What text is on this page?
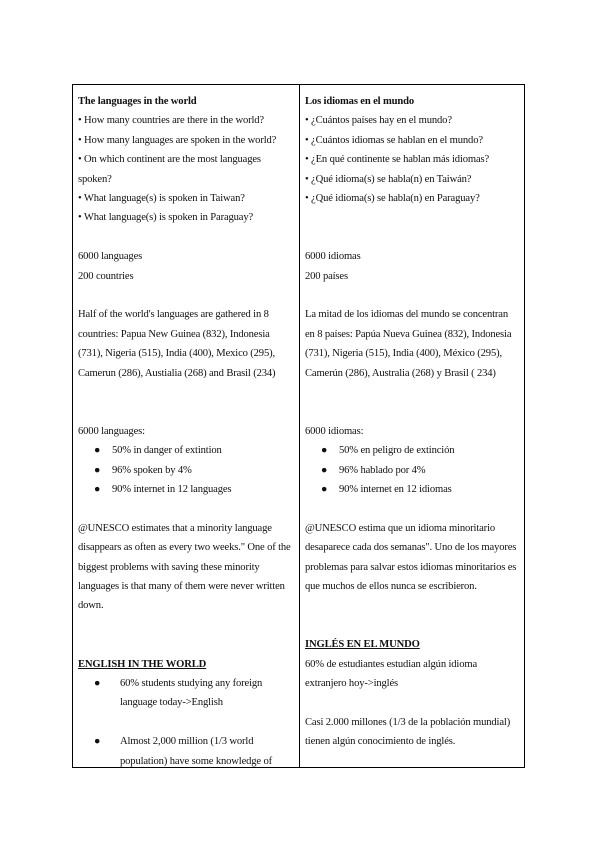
The languages in the world

• How many countries are there in the world?

• How many languages are spoken in the world?

• On which continent are the most languages spoken?

• What language(s) is spoken in Taiwan?

• What language(s) is spoken in Paraguay?

6000 languages

200 countries

Half of the world's languages are gathered in 8 countries: Papua New Guinea (832), Indonesia (731), Nigeria (515), India (400), Mexico (295), Camerun (286), Austialia (268) and Brasil (234)

6000 languages:

● 50% in danger of extintion
● 96% spoken by 4%
● 90% internet in 12 languages

@UNESCO estimates that a minority language disappears as often as every two weeks." One of the biggest problems with saving these minority languages is that many of them were never written down.

ENGLISH IN THE WORLD

● 60% students studying any foreign language today->English
● Almost 2,000 million (1/3 world population) have some knowledge of

Los idiomas en el mundo

• ¿Cuántos países hay en el mundo?

• ¿Cuántos idiomas se hablan en el mundo?

• ¿En qué continente se hablan más idiomas?

• ¿Qué idioma(s) se habla(n) en Taiwán?

• ¿Qué idioma(s) se habla(n) en Paraguay?

6000 idiomas

200 países

La mitad de los idiomas del mundo se concentran en 8 países: Papúa Nueva Guinea (832), Indonesia (731), Nigeria (515), India (400), México (295), Camerún (286), Australia (268) y Brasil ( 234)

6000 idiomas:

● 50% en peligro de extinción
● 96% hablado por 4%
● 90% internet en 12 idiomas

@UNESCO estima que un idioma minoritario desaparece cada dos semanas". Uno de los mayores problemas para salvar estos idiomas minoritarios es que muchos de ellos nunca se escribieron.

INGLÉS EN EL MUNDO

60% de estudiantes estudian algún idioma extranjero hoy->inglés

Casi 2.000 millones (1/3 de la población mundial) tienen algún conocimiento de inglés.
